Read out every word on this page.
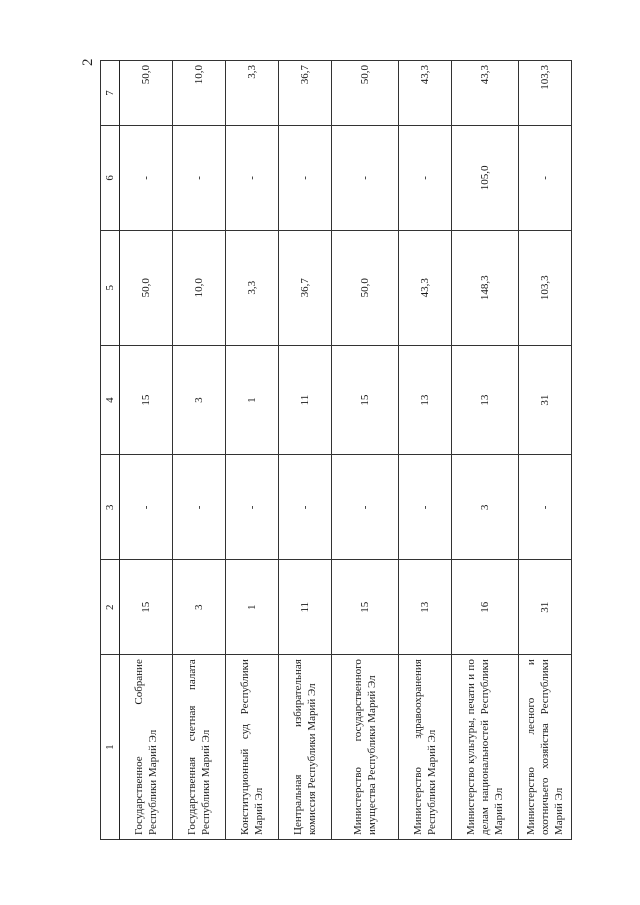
2
1	2	3	4	5	6	7
Государственное Собрание Республики Марий Эл	15	-	15	50,0	-	50,0
Государственная счетная палата Республики Марий Эл	3	-	3	10,0	-	10,0
Конституционный суд Республики Марий Эл	1	-	1	3,3	-	3,3
Центральная избирательная комиссия Республики Марий Эл	11	-	11	36,7	-	36,7
Министерство государственного имущества Республики Марий Эл	15	-	15	50,0	-	50,0
Министерство здравоохранения Республики Марий Эл	13	-	13	43,3	-	43,3
Министерство культуры, печати и по делам национальностей Республики Марий Эл	16	3	13	148,3	105,0	43,3
Министерство лесного и охотничьего хозяйства Республики Марий Эл	31	-	31	103,3	-	103,3
